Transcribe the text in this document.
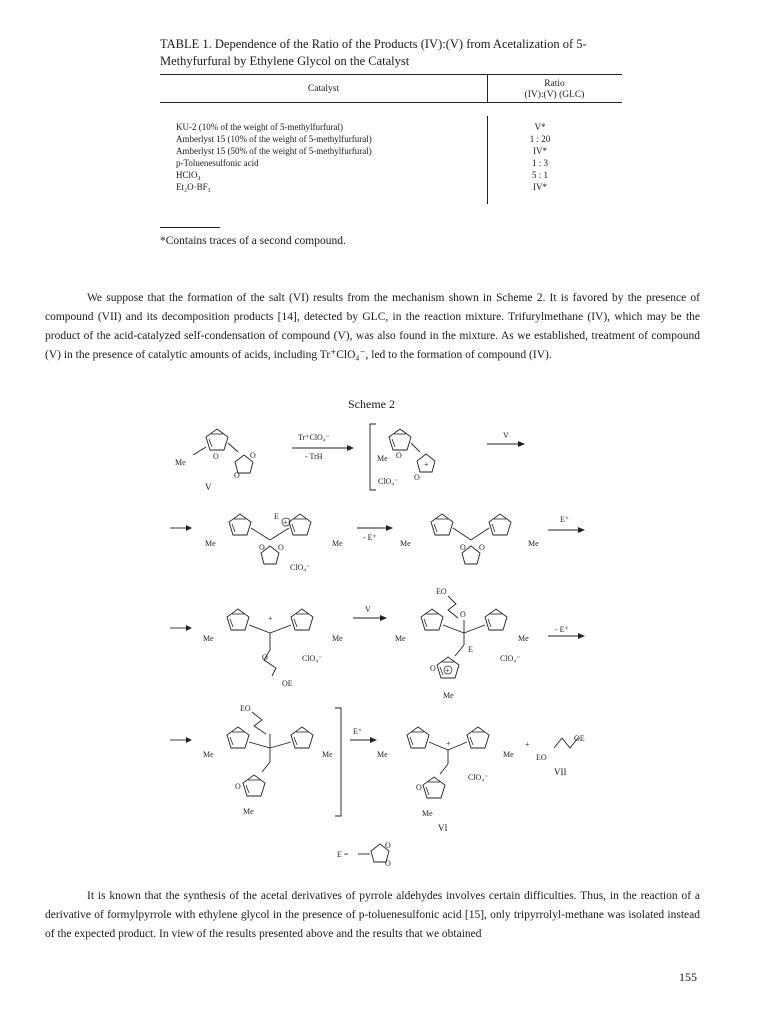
TABLE 1. Dependence of the Ratio of the Products (IV):(V) from Acetalization of 5-Methyfurfural by Ethylene Glycol on the Catalyst
Catalyst	Ratio
(IV):(V) (GLC)
KU-2 (10% of the weight of 5-methylfurfural)	V*
Amberlyst 15 (10% of the weight of 5-methylfurfural)	1 : 20
Amberlyst 15 (50% of the weight of 5-methylfurfural)	IV*
p-Toluenesulfonic acid	1 : 3
HClO₄	5 : 1
Et₂O·BF₃	IV*
*Contains traces of a second compound.
We suppose that the formation of the salt (VI) results from the mechanism shown in Scheme 2. It is favored by the presence of compound (VII) and its decomposition products [14], detected by GLC, in the reaction mixture. Trifurylmethane (IV), which may be the product of the acid-catalyzed self-condensation of compound (V), was also found in the mixture. As we established, treatment of compound (V) in the presence of catalytic amounts of acids, including Tr⁺ClO₄⁻, led to the formation of compound (IV).
Scheme 2
Me
O	O
O
V
Tr⁺ClO₄⁻
- TrH	Me O
+
O
ClO₄⁻
V
Me	Me
E
+
O O
ClO₄⁻
- E⁺
Me	Me
O O
E⁺
+
Me	Me
O
OE
ClO₄⁻
V
EO
O
Me	Me
E
O +
ClO₄⁻
Me
- E⁺
EO
Me	Me
O
Me
E⁺
+
Me	Me
ClO₄⁻
O
Me
VI
+
EO
OE
VII
E =
O
O
It is known that the synthesis of the acetal derivatives of pyrrole aldehydes involves certain difficulties. Thus, in the reaction of a derivative of formylpyrrole with ethylene glycol in the presence of p-toluenesulfonic acid [15], only tripyrrolyl-methane was isolated instead of the expected product. In view of the results presented above and the results that we obtained
155
